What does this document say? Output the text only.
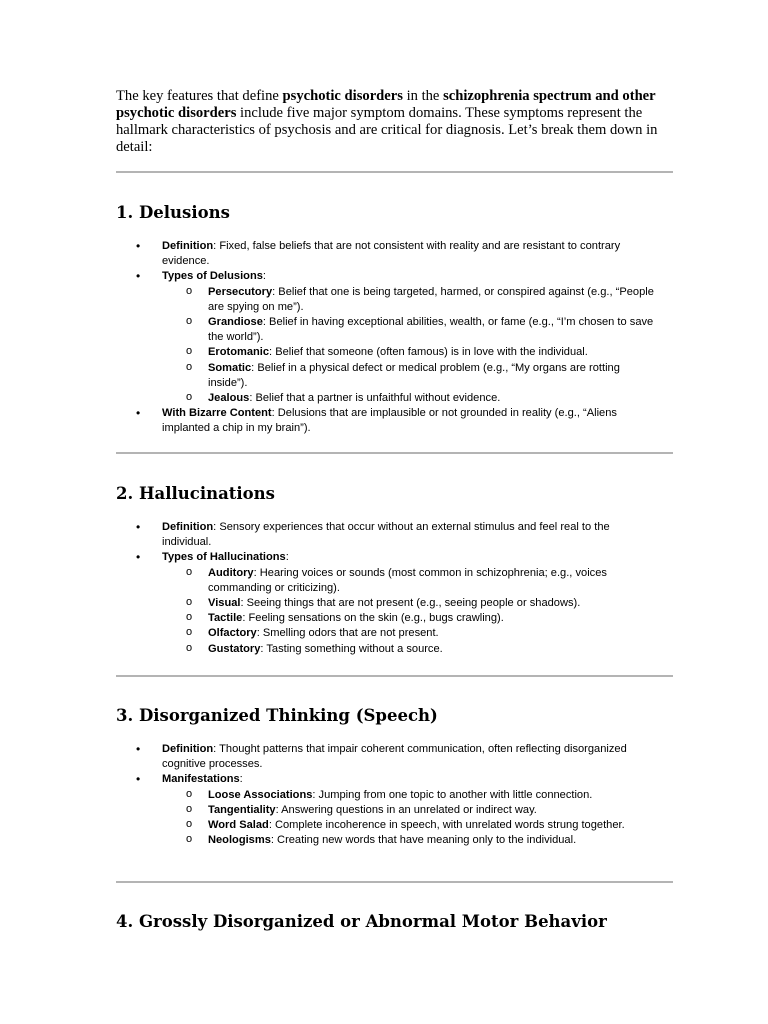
The key features that define psychotic disorders in the schizophrenia spectrum and other psychotic disorders include five major symptom domains. These symptoms represent the hallmark characteristics of psychosis and are critical for diagnosis. Let’s break them down in detail:

1. Delusions
• Definition: Fixed, false beliefs that are not consistent with reality and are resistant to contrary evidence.
• Types of Delusions:
o Persecutory: Belief that one is being targeted, harmed, or conspired against (e.g., “People are spying on me”).
o Grandiose: Belief in having exceptional abilities, wealth, or fame (e.g., “I’m chosen to save the world”).
o Erotomanic: Belief that someone (often famous) is in love with the individual.
o Somatic: Belief in a physical defect or medical problem (e.g., “My organs are rotting inside”).
o Jealous: Belief that a partner is unfaithful without evidence.
• With Bizarre Content: Delusions that are implausible or not grounded in reality (e.g., “Aliens implanted a chip in my brain”).
2. Hallucinations
• Definition: Sensory experiences that occur without an external stimulus and feel real to the individual.
• Types of Hallucinations:
o Auditory: Hearing voices or sounds (most common in schizophrenia; e.g., voices commanding or criticizing).
o Visual: Seeing things that are not present (e.g., seeing people or shadows).
o Tactile: Feeling sensations on the skin (e.g., bugs crawling).
o Olfactory: Smelling odors that are not present.
o Gustatory: Tasting something without a source.
3. Disorganized Thinking (Speech)
• Definition: Thought patterns that impair coherent communication, often reflecting disorganized cognitive processes.
• Manifestations:
o Loose Associations: Jumping from one topic to another with little connection.
o Tangentiality: Answering questions in an unrelated or indirect way.
o Word Salad: Complete incoherence in speech, with unrelated words strung together.
o Neologisms: Creating new words that have meaning only to the individual.
4. Grossly Disorganized or Abnormal Motor Behavior
